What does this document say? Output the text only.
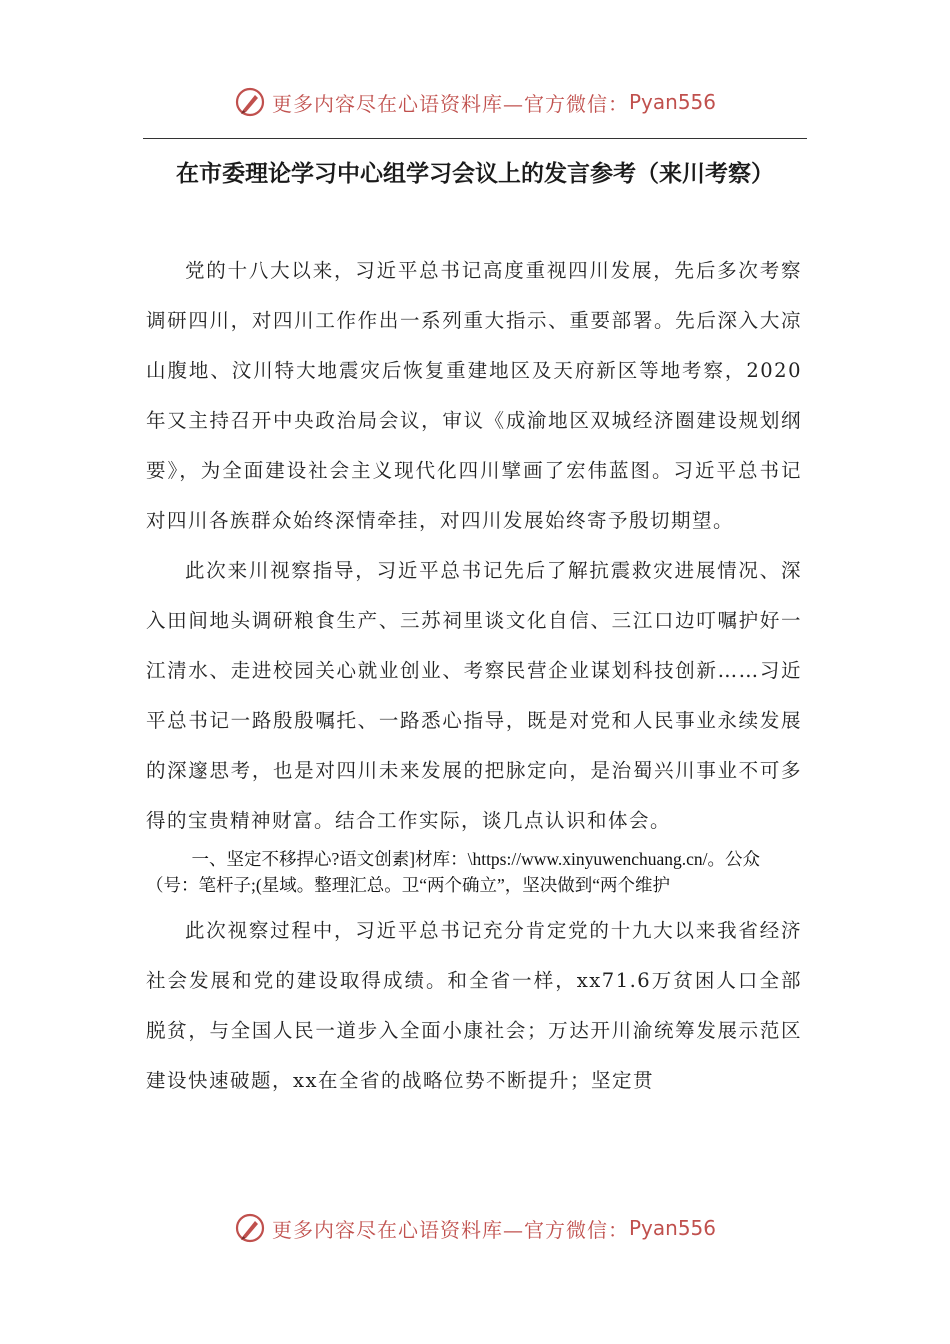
更多内容尽在心语资料库—官方微信： Pyan556
在市委理论学习中心组学习会议上的发言参考（来川考察）

党的十八大以来，习近平总书记高度重视四川发展，先后多次考察调研四川，对四川工作作出一系列重大指示、重要部署。先后深入大凉山腹地、汶川特大地震灾后恢复重建地区及天府新区等地考察，2020年又主持召开中央政治局会议，审议《成渝地区双城经济圈建设规划纲要》，为全面建设社会主义现代化四川擘画了宏伟蓝图。习近平总书记对四川各族群众始终深情牵挂，对四川发展始终寄予殷切期望。

此次来川视察指导，习近平总书记先后了解抗震救灾进展情况、深入田间地头调研粮食生产、三苏祠里谈文化自信、三江口边叮嘱护好一江清水、走进校园关心就业创业、考察民营企业谋划科技创新……习近平总书记一路殷殷嘱托、一路悉心指导，既是对党和人民事业永续发展的深邃思考，也是对四川未来发展的把脉定向，是治蜀兴川事业不可多得的宝贵精神财富。结合工作实际，谈几点认识和体会。

一、坚定不移捍心?语文创素]材库：\https://www.xinyuwenchuang.cn/。公众（号：笔杆子;(星域。整理汇总。卫“两个确立”，坚决做到“两个维护

此次视察过程中，习近平总书记充分肯定党的十九大以来我省经济社会发展和党的建设取得成绩。和全省一样，xx71.6万贫困人口全部脱贫，与全国人民一道步入全面小康社会；万达开川渝统筹发展示范区建设快速破题，xx在全省的战略位势不断提升；坚定贯

更多内容尽在心语资料库—官方微信： Pyan556
